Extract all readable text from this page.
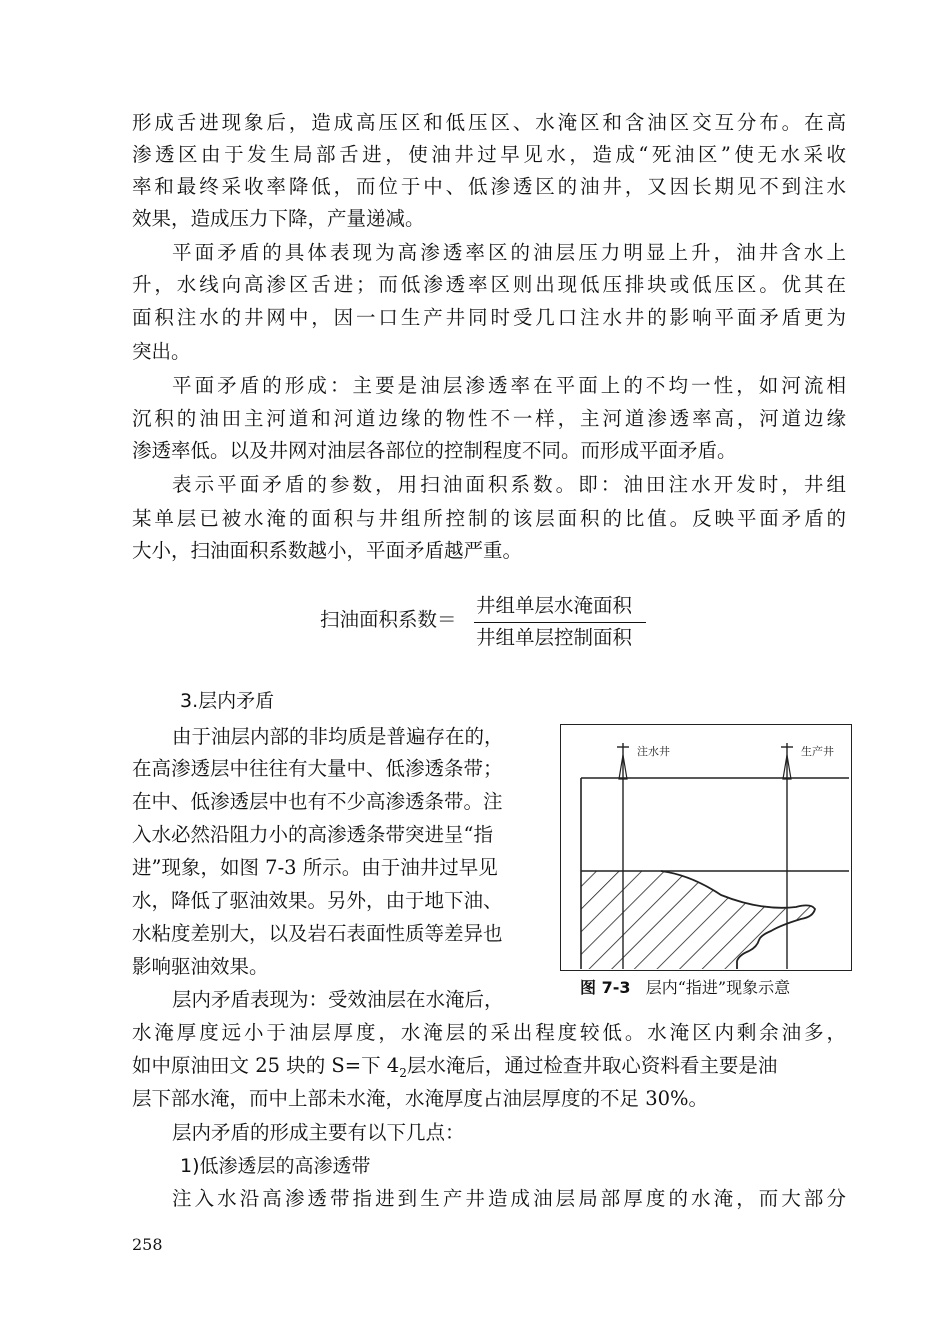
形成舌进现象后，造成高压区和低压区、水淹区和含油区交互分布。在高
渗透区由于发生局部舌进，使油井过早见水，造成“死油区”使无水采收
率和最终采收率降低，而位于中、低渗透区的油井，又因长期见不到注水
效果，造成压力下降，产量递减。
平面矛盾的具体表现为高渗透率区的油层压力明显上升，油井含水上
升，水线向高渗区舌进；而低渗透率区则出现低压排块或低压区。优其在
面积注水的井网中，因一口生产井同时受几口注水井的影响平面矛盾更为
突出。
平面矛盾的形成：主要是油层渗透率在平面上的不均一性，如河流相
沉积的油田主河道和河道边缘的物性不一样，主河道渗透率高，河道边缘
渗透率低。以及井网对油层各部位的控制程度不同。而形成平面矛盾。
表示平面矛盾的参数，用扫油面积系数。即：油田注水开发时，井组
某单层已被水淹的面积与井组所控制的该层面积的比值。反映平面矛盾的
大小，扫油面积系数越小，平面矛盾越严重。
扫油面积系数＝
井组单层水淹面积
井组单层控制面积
3.层内矛盾
由于油层内部的非均质是普遍存在的，
在高渗透层中往往有大量中、低渗透条带；
在中、低渗透层中也有不少高渗透条带。注
入水必然沿阻力小的高渗透条带突进呈“指
进”现象，如图 7-3 所示。由于油井过早见
水，降低了驱油效果。另外，由于地下油、
水粘度差别大，以及岩石表面性质等差异也
影响驱油效果。
层内矛盾表现为：受效油层在水淹后，
注水井	生产井
图 7-3 层内“指进”现象示意
水淹厚度远小于油层厚度，水淹层的采出程度较低。水淹区内剩余油多，
如中原油田文 25 块的 S=下 $4_2$层水淹后，通过检查井取心资料看主要是油
层下部水淹，而中上部未水淹，水淹厚度占油层厚度的不足 30%。
层内矛盾的形成主要有以下几点：
1)低渗透层的高渗透带
注入水沿高渗透带指进到生产井造成油层局部厚度的水淹，而大部分
258
